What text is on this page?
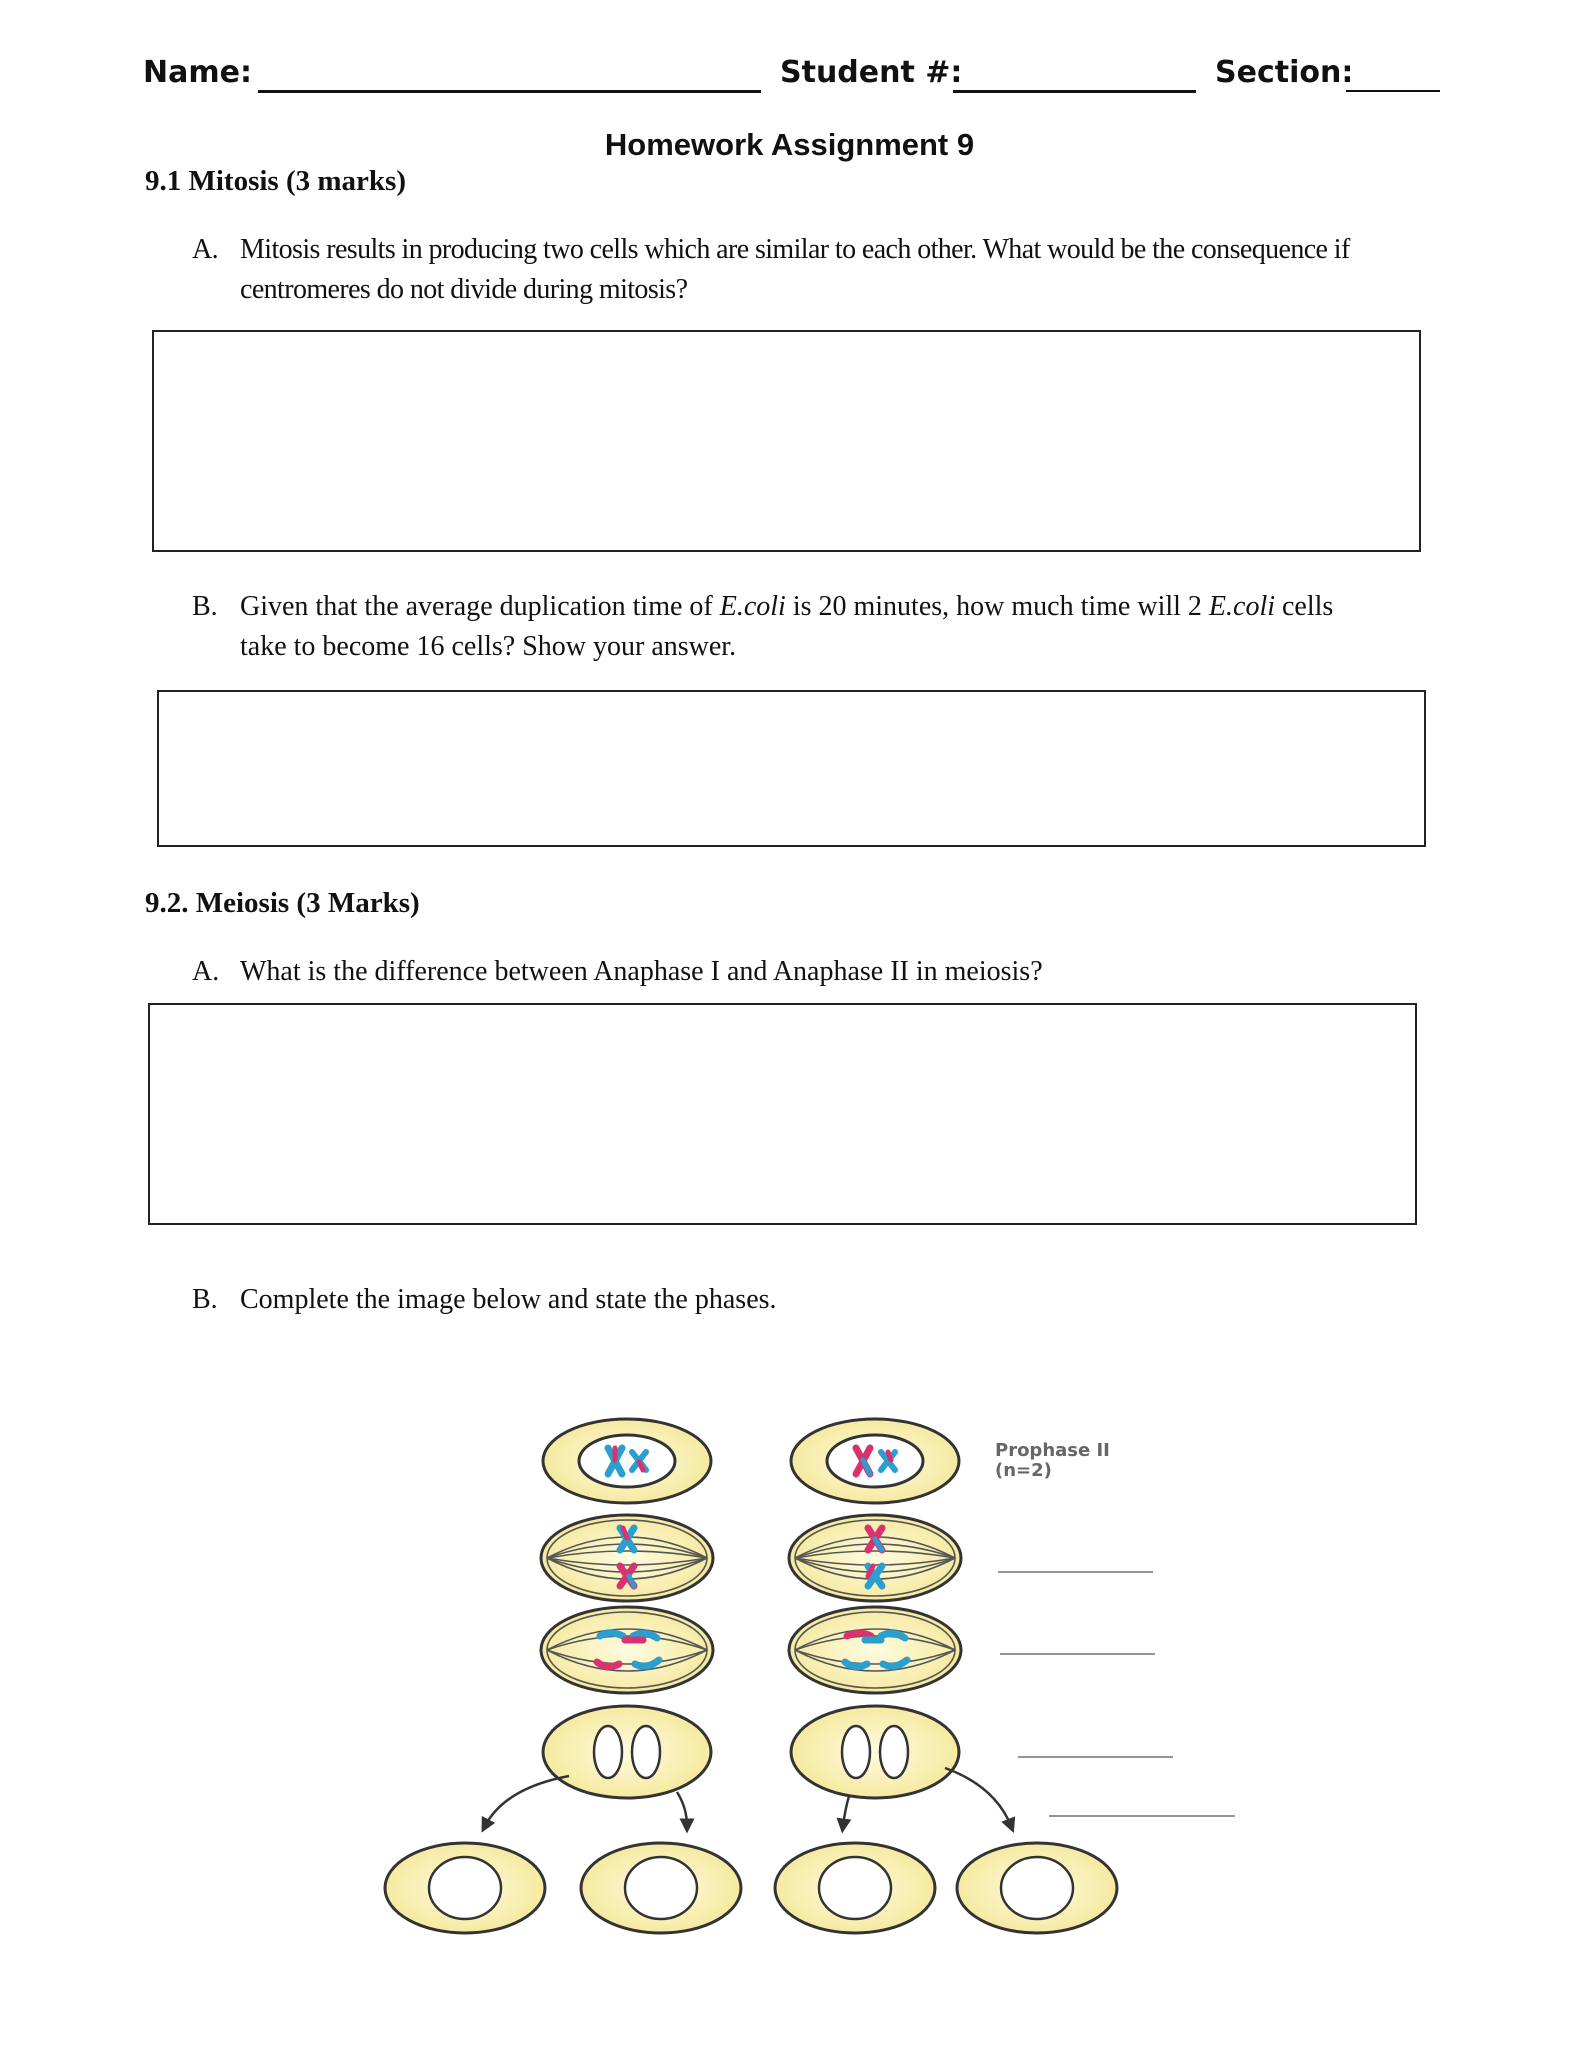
Name:	Student #:	Section:
Homework Assignment 9
9.1 Mitosis (3 marks)
A. Mitosis results in producing two cells which are similar to each other. What would be the consequence if
centromeres do not divide during mitosis?
B. Given that the average duplication time of E.coli is 20 minutes, how much time will 2 E.coli cells
take to become 16 cells? Show your answer.
9.2. Meiosis (3 Marks)
A. What is the difference between Anaphase I and Anaphase II in meiosis?
B. Complete the image below and state the phases.
Prophase II
(n=2)
